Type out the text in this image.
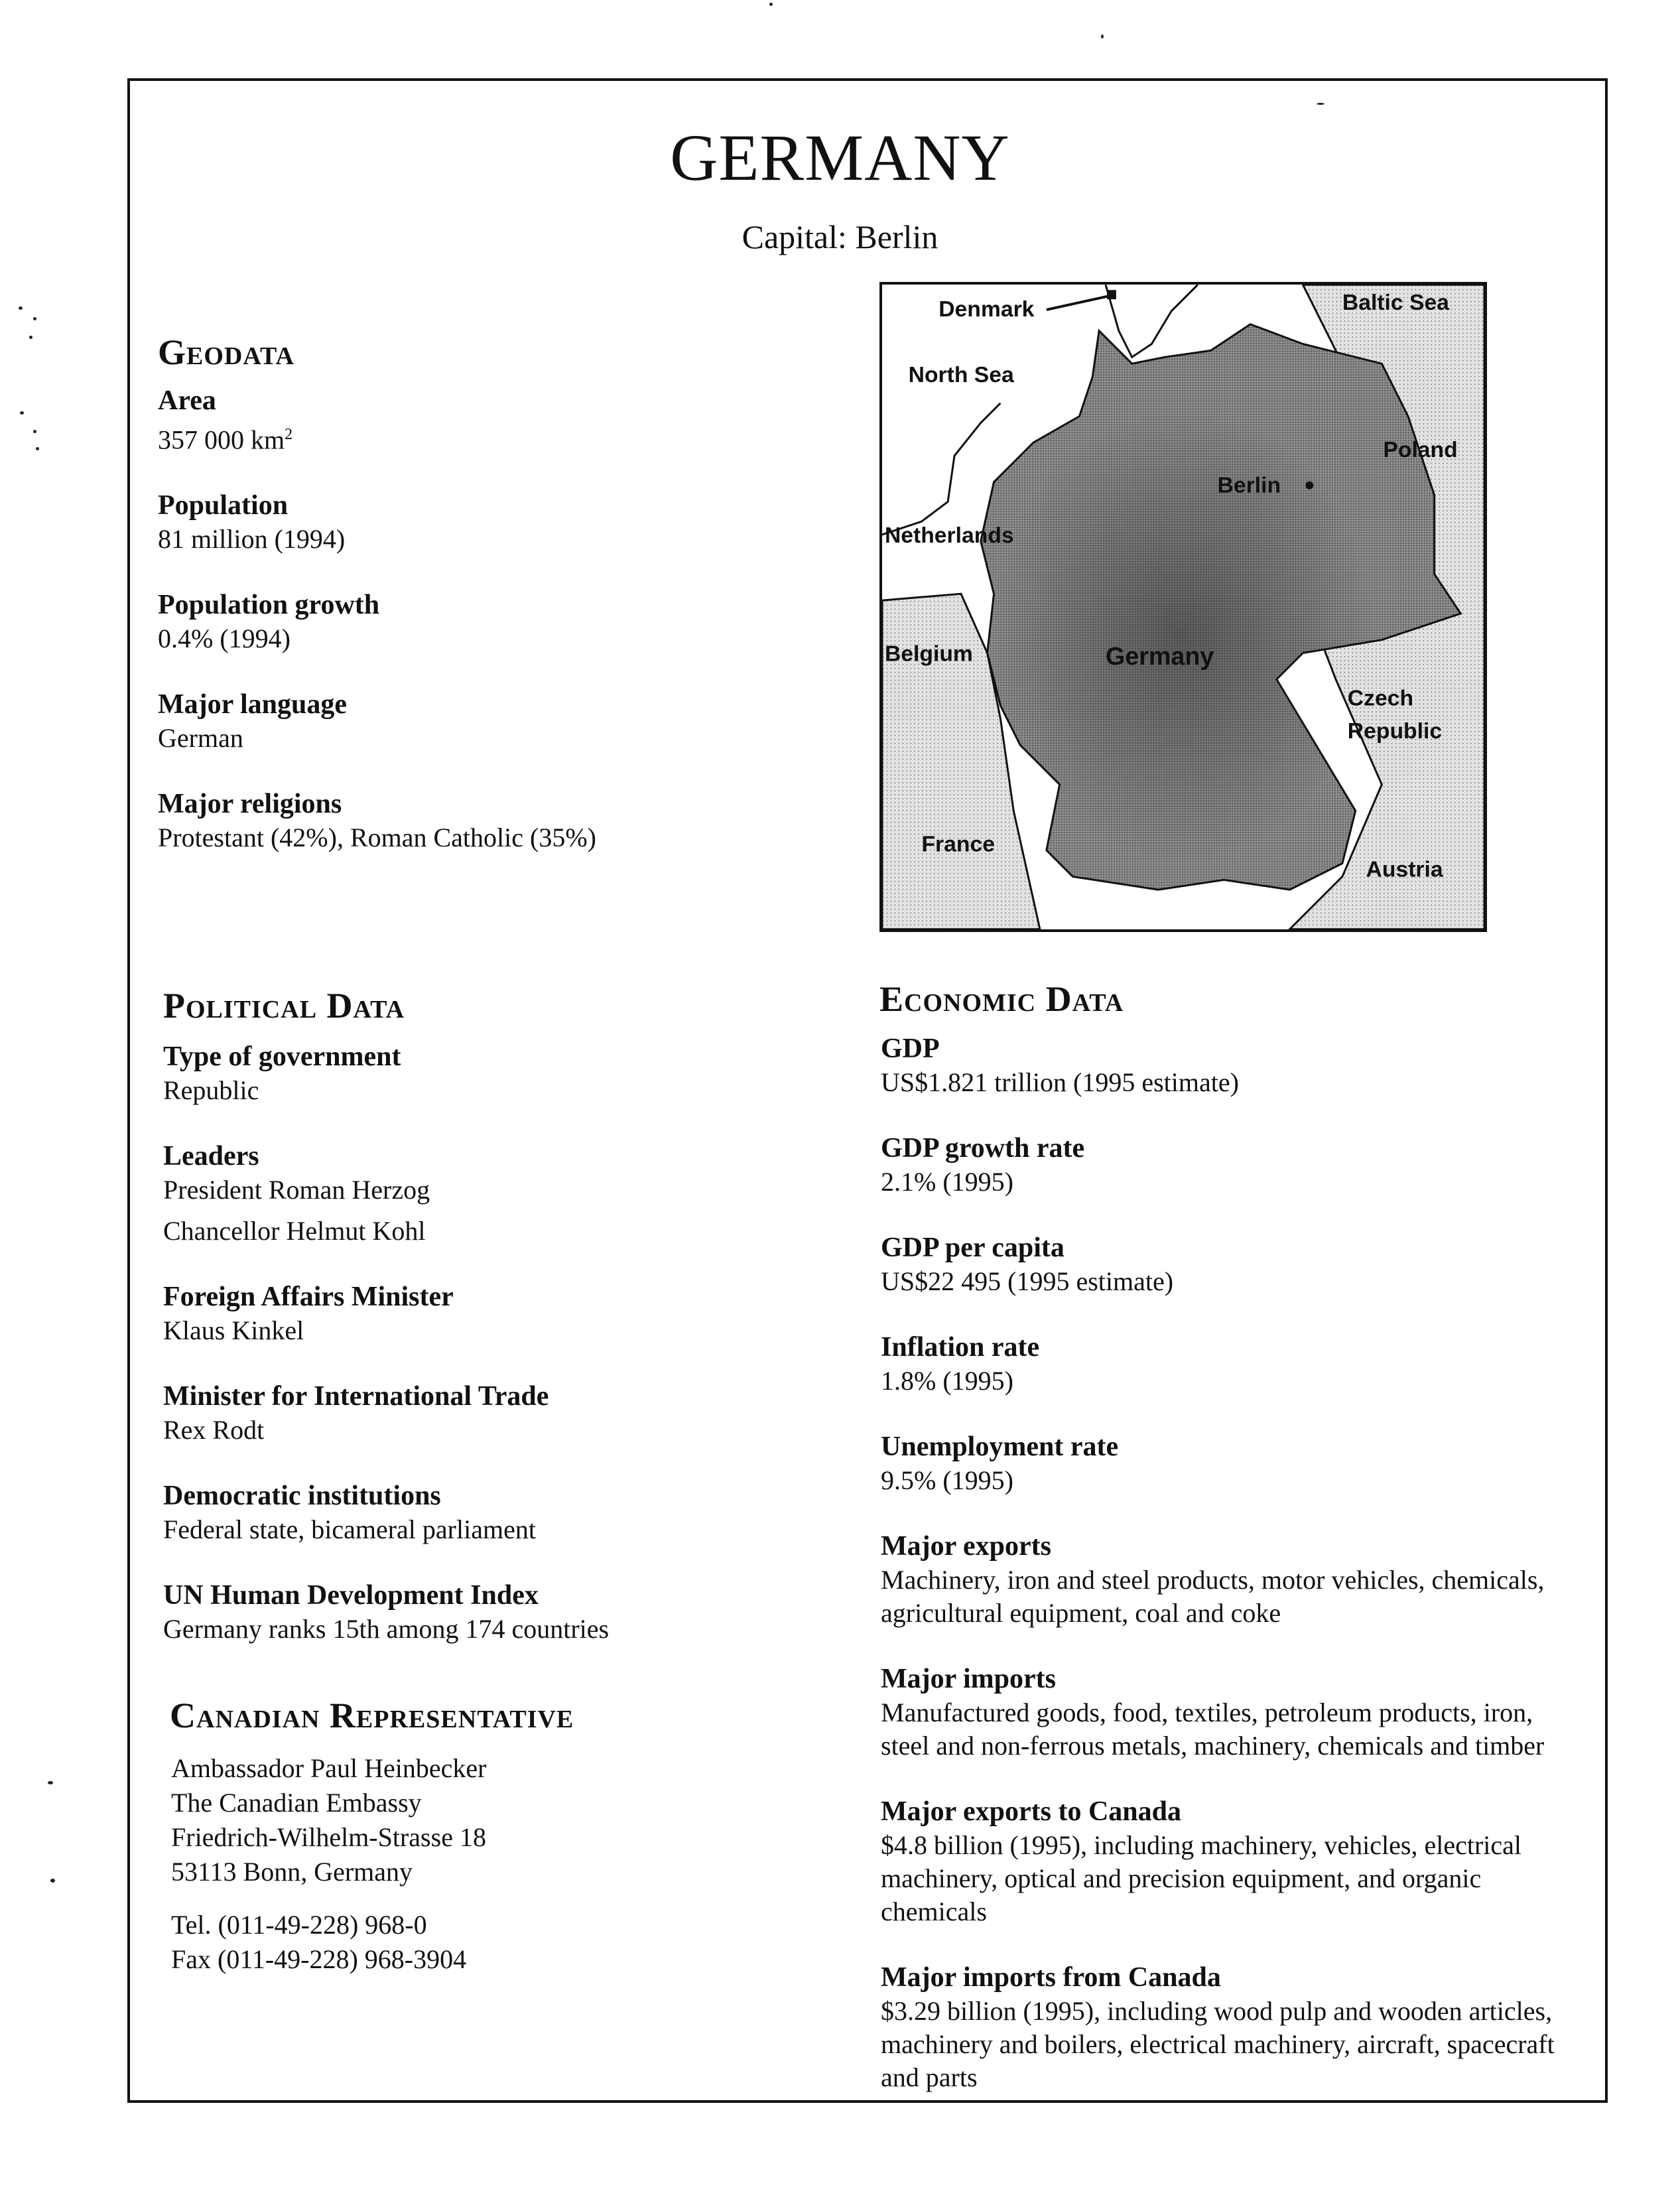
GERMANY
Capital: Berlin
Geodata
Area
357 000 $km^2$
Population
81 million (1994)
Population growth
0.4% (1994)
Major language
German
Major religions
Protestant (42%), Roman Catholic (35%)
Denmark	Baltic Sea
North Sea
Poland
Berlin
Netherlands
Belgium	Germany
Czech
Republic
France
Austria
Political Data
Type of government
Republic
Leaders
President Roman Herzog
Chancellor Helmut Kohl
Foreign Affairs Minister
Klaus Kinkel
Minister for International Trade
Rex Rodt
Democratic institutions
Federal state, bicameral parliament
UN Human Development Index
Germany ranks 15th among 174 countries
Canadian Representative
Ambassador Paul Heinbecker
The Canadian Embassy
Friedrich-Wilhelm-Strasse 18
53113 Bonn, Germany
Tel. (011-49-228) 968-0
Fax (011-49-228) 968-3904
Economic Data
GDP
US$1.821 trillion (1995 estimate)
GDP growth rate
2.1% (1995)
GDP per capita
US$22 495 (1995 estimate)
Inflation rate
1.8% (1995)
Unemployment rate
9.5% (1995)
Major exports
Machinery, iron and steel products, motor vehicles, chemicals, agricultural equipment, coal and coke
Major imports
Manufactured goods, food, textiles, petroleum products, iron, steel and non-ferrous metals, machinery, chemicals and timber
Major exports to Canada
$4.8 billion (1995), including machinery, vehicles, electrical machinery, optical and precision equipment, and organic chemicals
Major imports from Canada
$3.29 billion (1995), including wood pulp and wooden articles, machinery and boilers, electrical machinery, aircraft, spacecraft and parts
